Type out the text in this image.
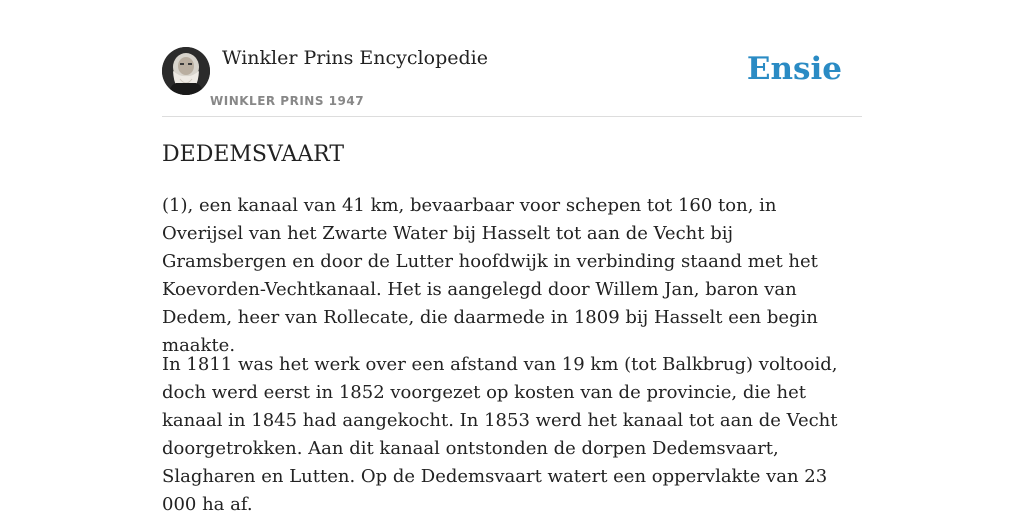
Winkler Prins Encyclopedie
WINKLER PRINS 1947
Ensie
DEDEMSVAART

(1), een kanaal van 41 km, bevaarbaar voor schepen tot 160 ton, in Overijsel van het Zwarte Water bij Hasselt tot aan de Vecht bij Gramsbergen en door de Lutter hoofdwijk in verbinding staand met het Koevorden-Vechtkanaal. Het is aangelegd door Willem Jan, baron van Dedem, heer van Rollecate, die daarmede in 1809 bij Hasselt een begin maakte.

In 1811 was het werk over een afstand van 19 km (tot Balkbrug) voltooid, doch werd eerst in 1852 voorgezet op kosten van de provincie, die het kanaal in 1845 had aangekocht. In 1853 werd het kanaal tot aan de Vecht doorgetrokken. Aan dit kanaal ontstonden de dorpen Dedemsvaart, Slagharen en Lutten. Op de Dedemsvaart watert een oppervlakte van 23 000 ha af.
